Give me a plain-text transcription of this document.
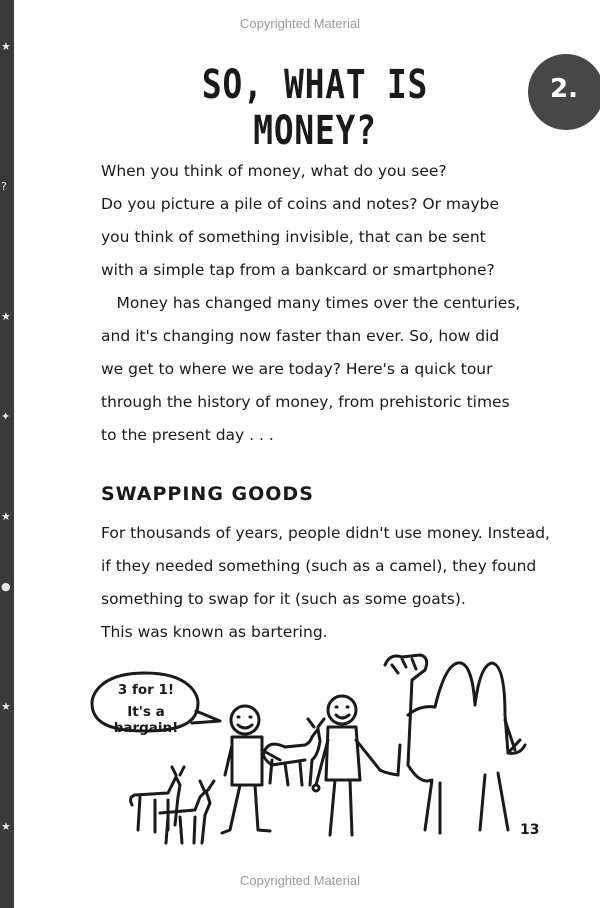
★
?
★
✦
★
●
★
★
Copyrighted Material
SO, WHAT IS MONEY?
2.
When you think of money, what do you see?
Do you picture a pile of coins and notes? Or maybe
you think of something invisible, that can be sent
with a simple tap from a bankcard or smartphone?
 Money has changed many times over the centuries,
and it's changing now faster than ever. So, how did
we get to where we are today? Here's a quick tour
through the history of money, from prehistoric times
to the present day . . .
SWAPPING GOODS
For thousands of years, people didn't use money. Instead,
if they needed something (such as a camel), they found
something to swap for it (such as some goats).
This was known as bartering.
3 for 1!
It's a bargain!
13
Copyrighted Material
